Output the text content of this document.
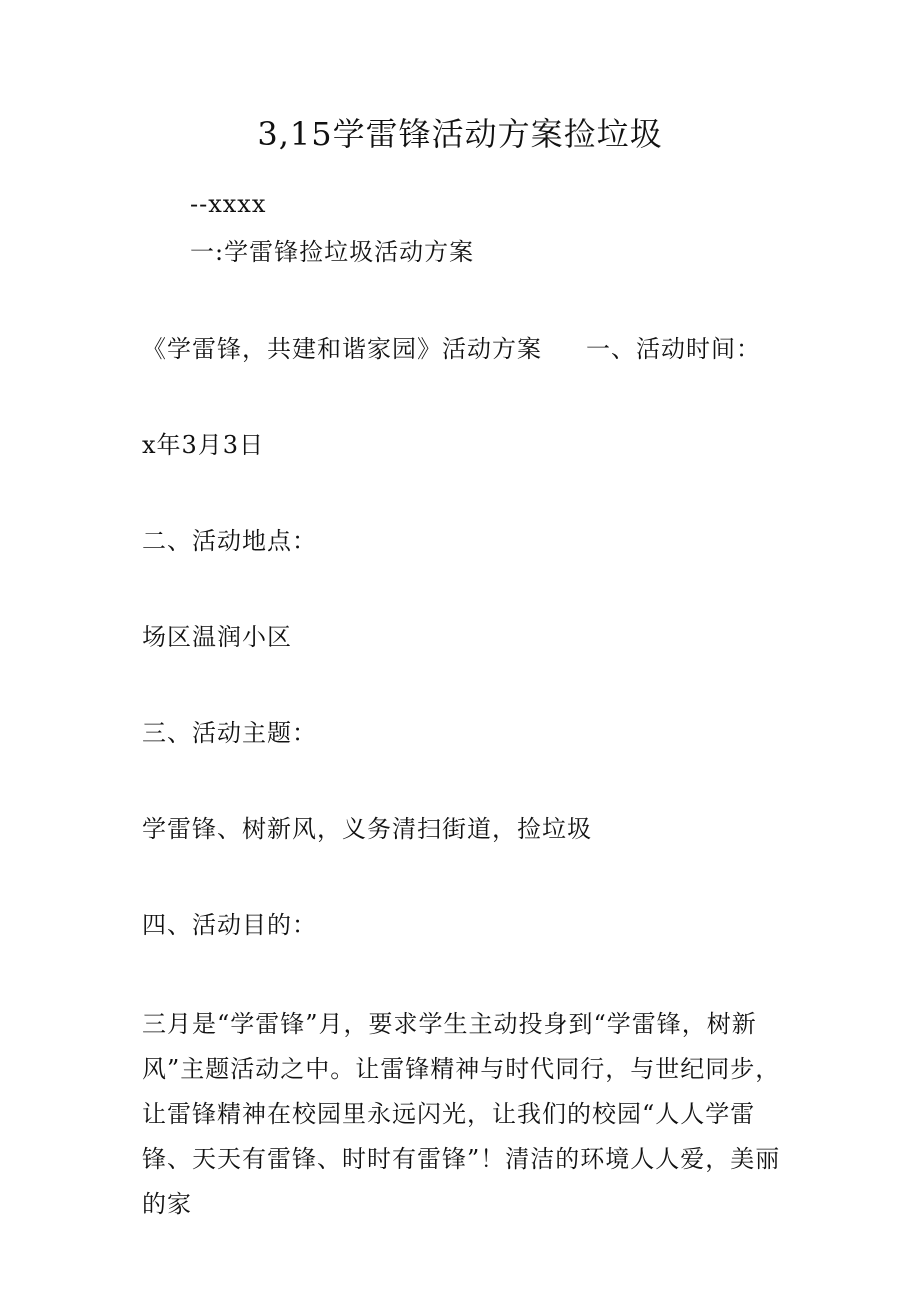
3,15学雷锋活动方案捡垃圾
--xxxx
一:学雷锋捡垃圾活动方案
《学雷锋，共建和谐家园》活动方案 一、活动时间：
x年3月3日
二、活动地点：
场区温润小区
三、活动主题：
学雷锋、树新风，义务清扫街道，捡垃圾
四、活动目的：
三月是“学雷锋”月，要求学生主动投身到“学雷锋，树新风”主题活动之中。让雷锋精神与时代同行，与世纪同步，让雷锋精神在校园里永远闪光，让我们的校园“人人学雷锋、天天有雷锋、时时有雷锋”！清洁的环境人人爱，美丽的家
